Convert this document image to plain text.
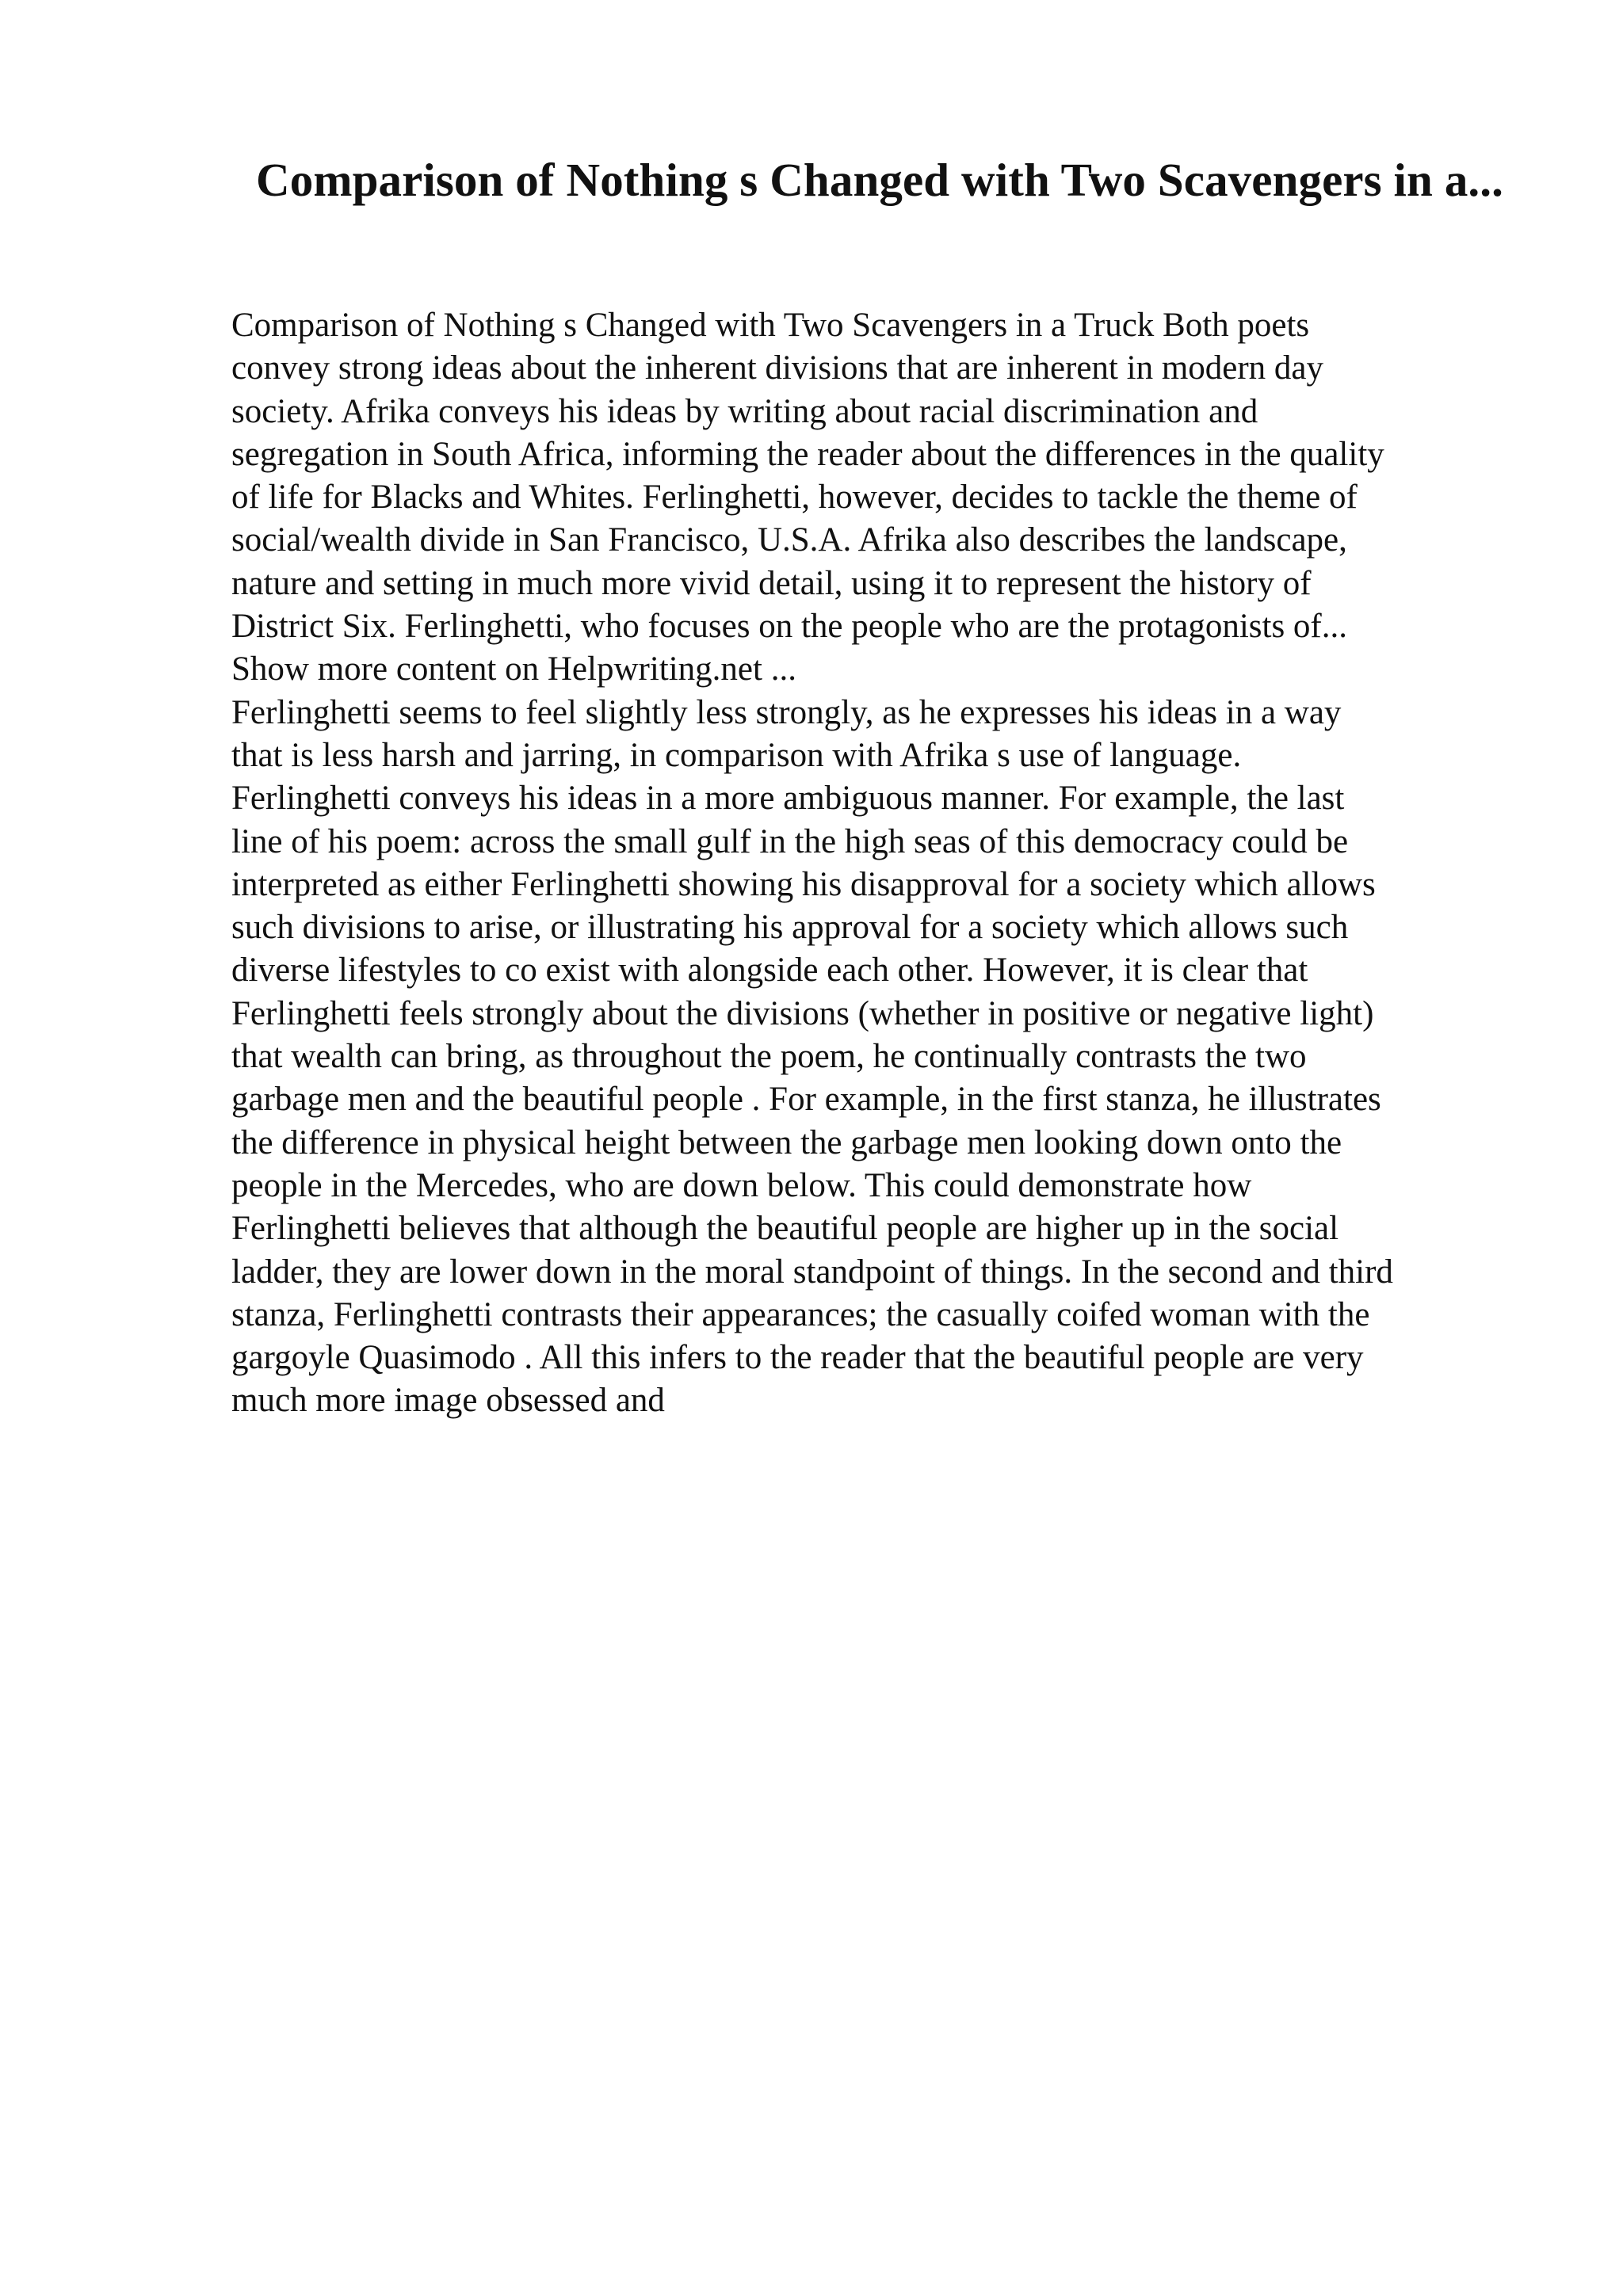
Comparison of Nothing s Changed with Two Scavengers in a...
Comparison of Nothing s Changed with Two Scavengers in a Truck Both poets
convey strong ideas about the inherent divisions that are inherent in modern day
society. Afrika conveys his ideas by writing about racial discrimination and
segregation in South Africa, informing the reader about the differences in the quality
of life for Blacks and Whites. Ferlinghetti, however, decides to tackle the theme of
social/wealth divide in San Francisco, U.S.A. Afrika also describes the landscape,
nature and setting in much more vivid detail, using it to represent the history of
District Six. Ferlinghetti, who focuses on the people who are the protagonists of...
Show more content on Helpwriting.net ...
Ferlinghetti seems to feel slightly less strongly, as he expresses his ideas in a way
that is less harsh and jarring, in comparison with Afrika s use of language.
Ferlinghetti conveys his ideas in a more ambiguous manner. For example, the last
line of his poem: across the small gulf in the high seas of this democracy could be
interpreted as either Ferlinghetti showing his disapproval for a society which allows
such divisions to arise, or illustrating his approval for a society which allows such
diverse lifestyles to co exist with alongside each other. However, it is clear that
Ferlinghetti feels strongly about the divisions (whether in positive or negative light)
that wealth can bring, as throughout the poem, he continually contrasts the two
garbage men and the beautiful people . For example, in the first stanza, he illustrates
the difference in physical height between the garbage men looking down onto the
people in the Mercedes, who are down below. This could demonstrate how
Ferlinghetti believes that although the beautiful people are higher up in the social
ladder, they are lower down in the moral standpoint of things. In the second and third
stanza, Ferlinghetti contrasts their appearances; the casually coifed woman with the
gargoyle Quasimodo . All this infers to the reader that the beautiful people are very
much more image obsessed and
